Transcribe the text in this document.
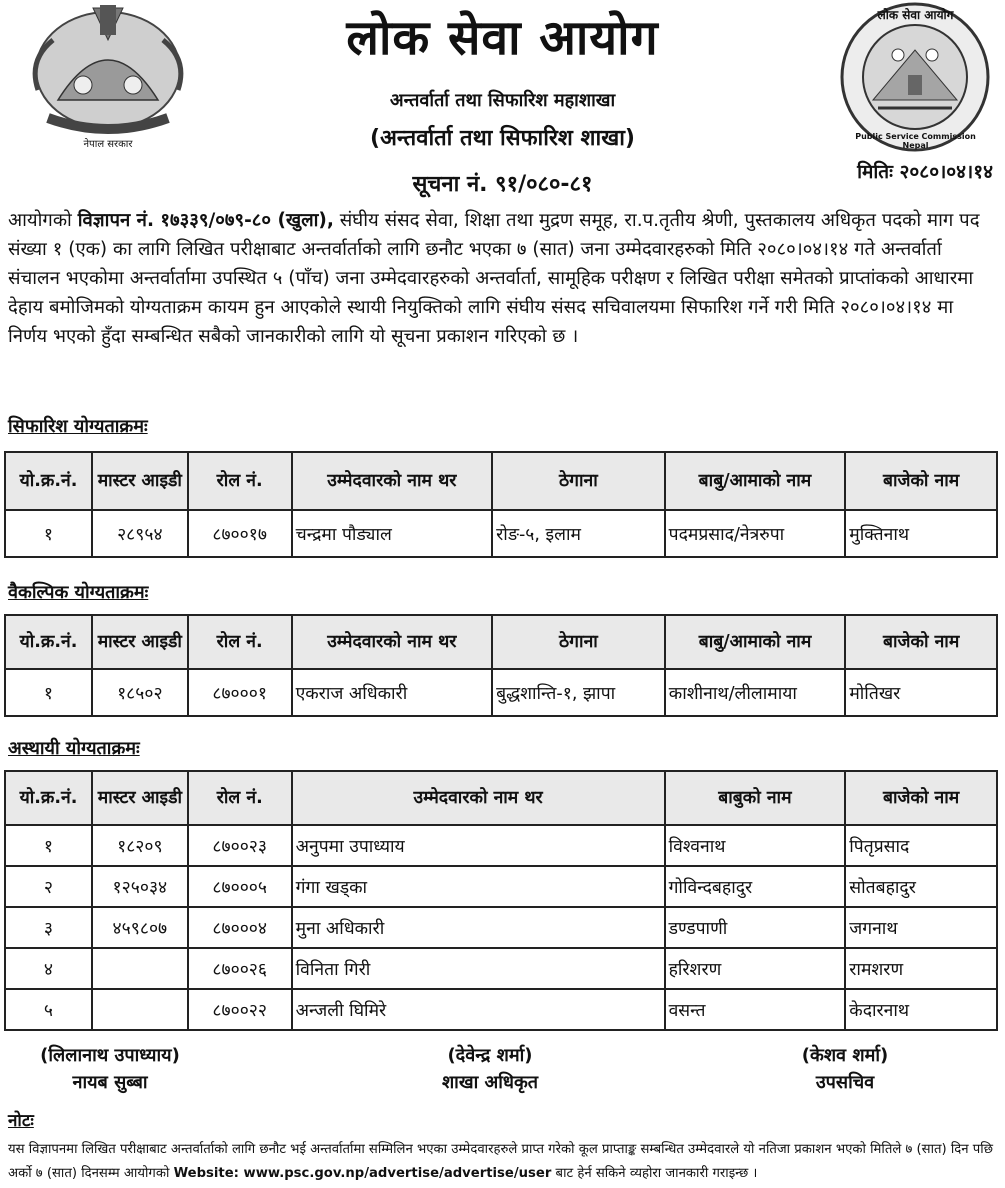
नेपाल सरकार
लोक सेवा आयोग
Public Service Commission Nepal
लोक सेवा आयोग
अन्तर्वार्ता तथा सिफारिश महाशाखा
(अन्तर्वार्ता तथा सिफारिश शाखा)
सूचना नं. ९१/०८०-८१	मितिः २०८०।०४।१४
आयोगको विज्ञापन नं. १७३३९/०७९-८० (खुला), संघीय संसद सेवा, शिक्षा तथा मुद्रण समूह, रा.प.तृतीय श्रेणी, पुस्तकालय अधिकृत पदको माग पद संख्या १ (एक) का लागि लिखित परीक्षाबाट अन्तर्वार्ताको लागि छनौट भएका ७ (सात) जना उम्मेदवारहरुको मिति २०८०।०४।१४ गते अन्तर्वार्ता संचालन भएकोमा अन्तर्वार्तामा उपस्थित ५ (पाँच) जना उम्मेदवारहरुको अन्तर्वार्ता, सामूहिक परीक्षण र लिखित परीक्षा समेतको प्राप्तांकको आधारमा देहाय बमोजिमको योग्यताक्रम कायम हुन आएकोले स्थायी नियुक्तिको लागि संघीय संसद सचिवालयमा सिफारिश गर्ने गरी मिति २०८०।०४।१४ मा निर्णय भएको हुँदा सम्बन्धित सबैको जानकारीको लागि यो सूचना प्रकाशन गरिएको छ ।
सिफारिश योग्यताक्रमः
यो.क्र.नं.	मास्टर आइडी	रोल नं.	उम्मेदवारको नाम थर	ठेगाना	बाबु/आमाको नाम	बाजेको नाम
१	२८९५४	८७००१७	चन्द्रमा पौड्याल	रोङ-५, इलाम	पदमप्रसाद/नेत्ररुपा	मुक्तिनाथ
वैकल्पिक योग्यताक्रमः
यो.क्र.नं.	मास्टर आइडी	रोल नं.	उम्मेदवारको नाम थर	ठेगाना	बाबु/आमाको नाम	बाजेको नाम
१	१८५०२	८७०००१	एकराज अधिकारी	बुद्धशान्ति-१, झापा	काशीनाथ/लीलामाया	मोतिखर
अस्थायी योग्यताक्रमः
यो.क्र.नं.	मास्टर आइडी	रोल नं.	उम्मेदवारको नाम थर	बाबुको नाम	बाजेको नाम
१	१८२०९	८७००२३	अनुपमा उपाध्याय	विश्वनाथ	पितृप्रसाद
२	१२५०३४	८७०००५	गंगा खड्का	गोविन्दबहादुर	सोतबहादुर
३	४५९८०७	८७०००४	मुना अधिकारी	डण्डपाणी	जगनाथ
४		८७००२६	विनिता गिरी	हरिशरण	रामशरण
५		८७००२२	अन्जली घिमिरे	वसन्त	केदारनाथ
(लिलानाथ उपाध्याय)
नायब सुब्बा
(देवेन्द्र शर्मा)
शाखा अधिकृत
(केशव शर्मा)
उपसचिव
नोटः
यस विज्ञापनमा लिखित परीक्षाबाट अन्तर्वार्ताको लागि छनौट भई अन्तर्वार्तामा सम्मिलिन भएका उम्मेदवारहरुले प्राप्त गरेको कूल प्राप्ताङ्क सम्बन्धित उम्मेदवारले यो नतिजा प्रकाशन भएको मितिले ७ (सात) दिन पछि अर्को ७ (सात) दिनसम्म आयोगको Website: www.psc.gov.np/advertise/advertise/user बाट हेर्न सकिने व्यहोरा जानकारी गराइन्छ ।
